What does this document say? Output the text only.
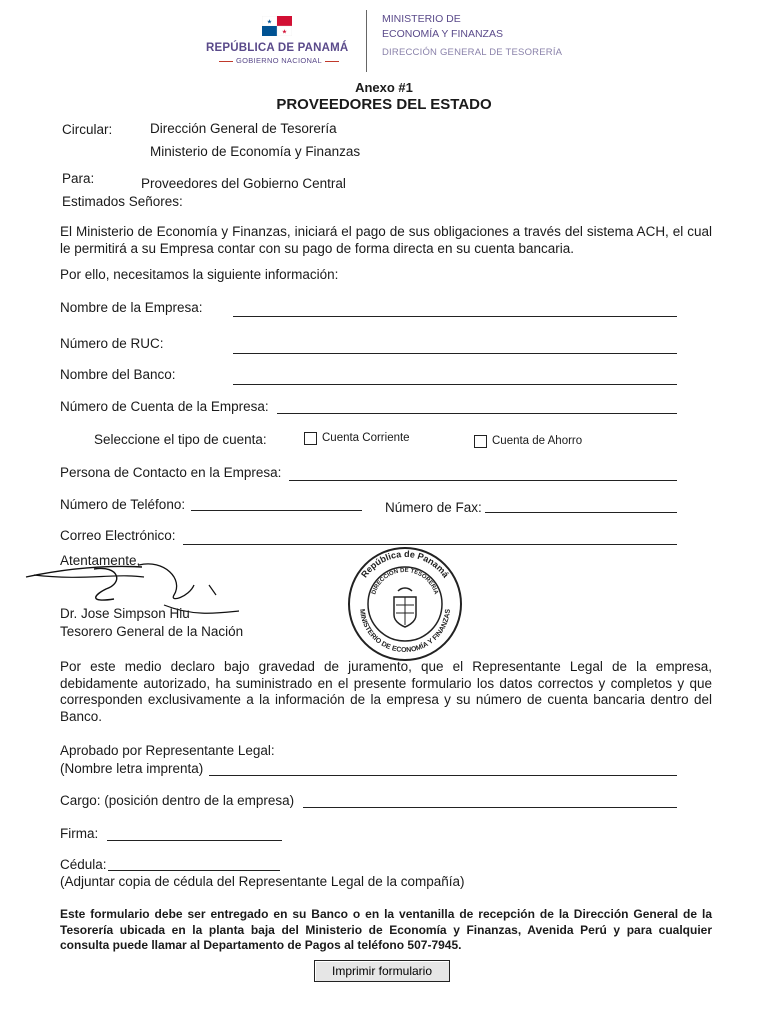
★
★
REPÚBLICA DE PANAMÁ
GOBIERNO NACIONAL
MINISTERIO DE
ECONOMÍA Y FINANZAS
DIRECCIÓN GENERAL DE TESORERÍA
Anexo #1
PROVEEDORES DEL ESTADO
Circular:	Dirección General de Tesorería
Ministerio de Economía y Finanzas
Para:	Proveedores del Gobierno Central
Estimados Señores:
El Ministerio de Economía y Finanzas, iniciará el pago de sus obligaciones a través del sistema ACH, el cual le permitirá a su Empresa contar con su pago de forma directa en su cuenta bancaria.
Por ello, necesitamos la siguiente información:
Nombre de la Empresa:
Número de RUC:
Nombre del Banco:
Número de Cuenta de la Empresa:
Seleccione el tipo de cuenta:	Cuenta Corriente	Cuenta de Ahorro
Persona de Contacto en la Empresa:
Número de Teléfono:	Número de Fax:
Correo Electrónico:
Atentamente,
Dr. Jose Simpson Hiu
Tesorero General de la Nación
República de Panamá
DIRECCIÓN DE TESORERÍA
MINISTERIO DE ECONOMÍA Y FINANZAS
Por este medio declaro bajo gravedad de juramento, que el Representante Legal de la empresa, debidamente autorizado, ha suministrado en el presente formulario los datos correctos y completos y que corresponden exclusivamente a la información de la empresa y su número de cuenta bancaria dentro del Banco.
Aprobado por Representante Legal:
(Nombre letra imprenta)
Cargo: (posición dentro de la empresa)
Firma:
Cédula:
(Adjuntar copia de cédula del Representante Legal de la compañía)
Este formulario debe ser entregado en su Banco o en la ventanilla de recepción de la Dirección General de la Tesorería ubicada en la planta baja del Ministerio de Economía y Finanzas, Avenida Perú y para cualquier consulta puede llamar al Departamento de Pagos al teléfono 507-7945.
Imprimir formulario
